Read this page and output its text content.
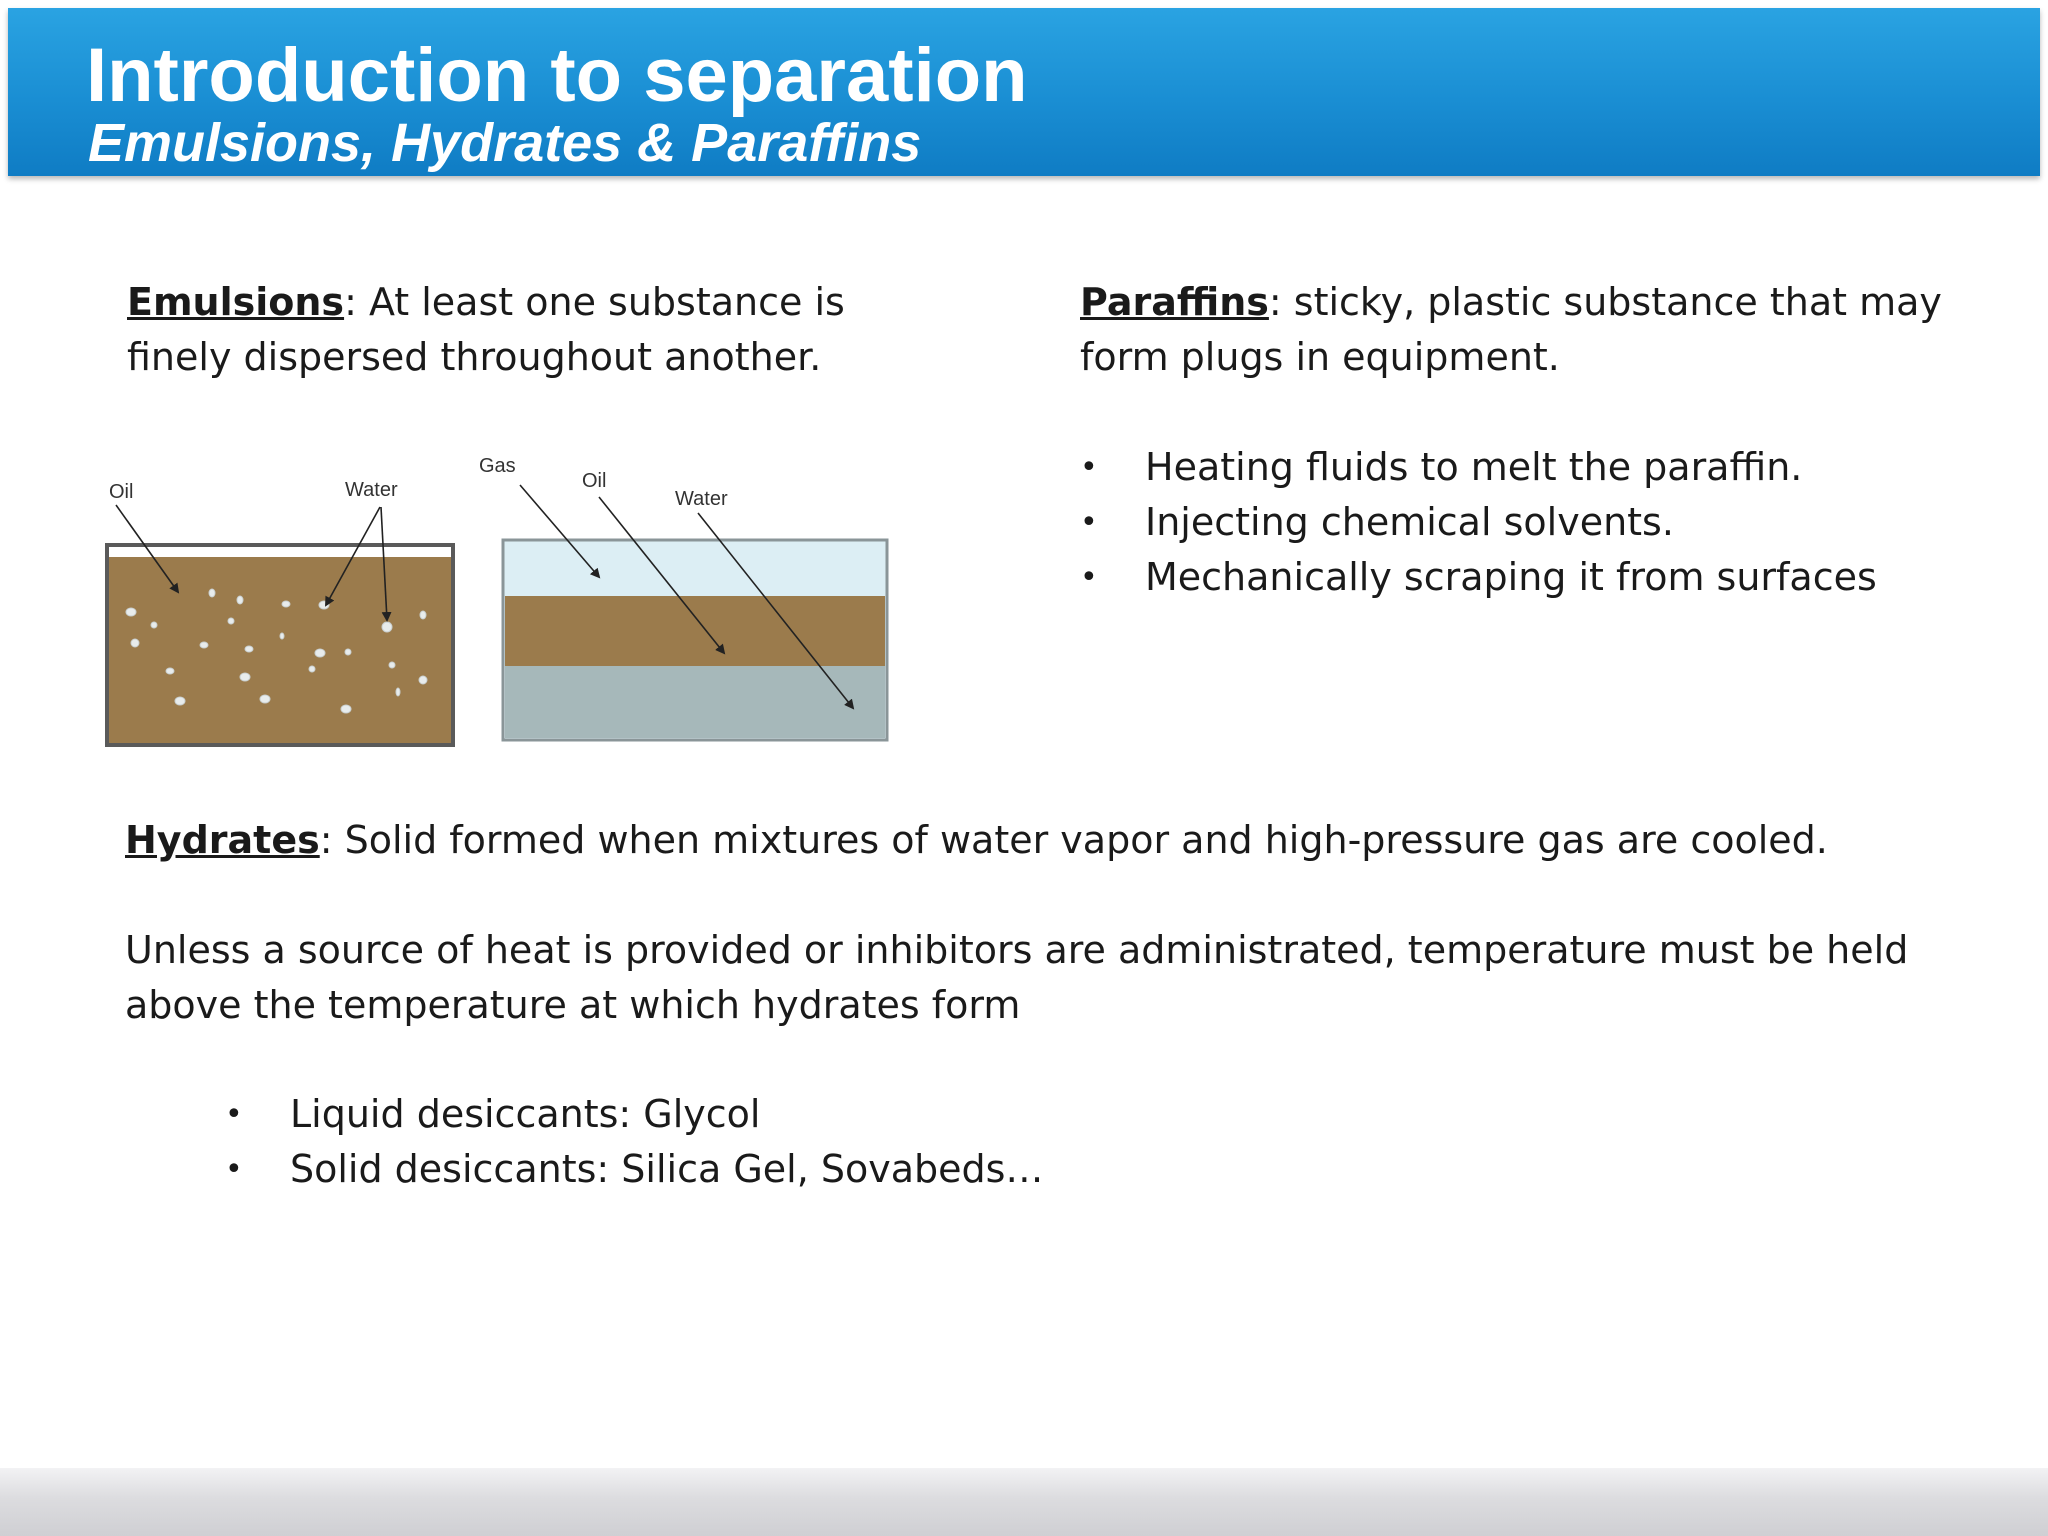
Introduction to separation
Emulsions, Hydrates & Paraffins
Emulsions: At least one substance is finely dispersed throughout another.
Paraffins: sticky, plastic substance that may form plugs in equipment.
• Heating fluids to melt the paraffin.
• Injecting chemical solvents.
• Mechanically scraping it from surfaces
Oil	Water
Gas
Oil
Water
Hydrates: Solid formed when mixtures of water vapor and high-pressure gas are cooled.
Unless a source of heat is provided or inhibitors are administrated, temperature must be held above the temperature at which hydrates form
• Liquid desiccants: Glycol
• Solid desiccants: Silica Gel, Sovabeds…
